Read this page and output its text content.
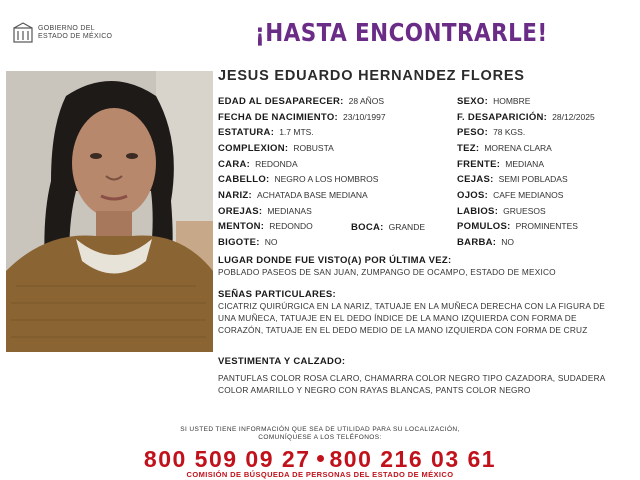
GOBIERNO DEL
ESTADO DE MÉXICO	¡HASTA ENCONTRARLE!
JESUS EDUARDO HERNANDEZ FLORES
EDAD AL DESAPARECER: 28 AÑOS
FECHA DE NACIMIENTO: 23/10/1997
ESTATURA: 1.7 MTS.
COMPLEXION: ROBUSTA
CARA: REDONDA
CABELLO: NEGRO A LOS HOMBROS
NARIZ: ACHATADA BASE MEDIANA
OREJAS: MEDIANAS
MENTON: REDONDO
BIGOTE: NO
BOCA: GRANDE
SEXO: HOMBRE
F. DESAPARICIÓN: 28/12/2025
PESO: 78 KGS.
TEZ: MORENA CLARA
FRENTE: MEDIANA
CEJAS: SEMI POBLADAS
OJOS: CAFE MEDIANOS
LABIOS: GRUESOS
POMULOS: PROMINENTES
BARBA: NO
LUGAR DONDE FUE VISTO(A) POR ÚLTIMA VEZ:
POBLADO PASEOS DE SAN JUAN, ZUMPANGO DE OCAMPO, ESTADO DE MEXICO
SEÑAS PARTICULARES:
CICATRIZ QUIRÚRGICA EN LA NARIZ, TATUAJE EN LA MUÑECA DERECHA CON LA FIGURA DE UNA MUÑECA, TATUAJE EN EL DEDO ÍNDICE DE LA MANO IZQUIERDA CON FORMA DE CORAZÓN, TATUAJE EN EL DEDO MEDIO DE LA MANO IZQUIERDA CON FORMA DE CRUZ
VESTIMENTA Y CALZADO:
PANTUFLAS COLOR ROSA CLARO, CHAMARRA COLOR NEGRO TIPO CAZADORA, SUDADERA COLOR AMARILLO Y NEGRO CON RAYAS BLANCAS, PANTS COLOR NEGRO
SI USTED TIENE INFORMACIÓN QUE SEA DE UTILIDAD PARA SU LOCALIZACIÓN,
COMUNÍQUESE A LOS TELÉFONOS:
800 509 09 27 800 216 03 61
COMISIÓN DE BÚSQUEDA DE PERSONAS DEL ESTADO DE MÉXICO
